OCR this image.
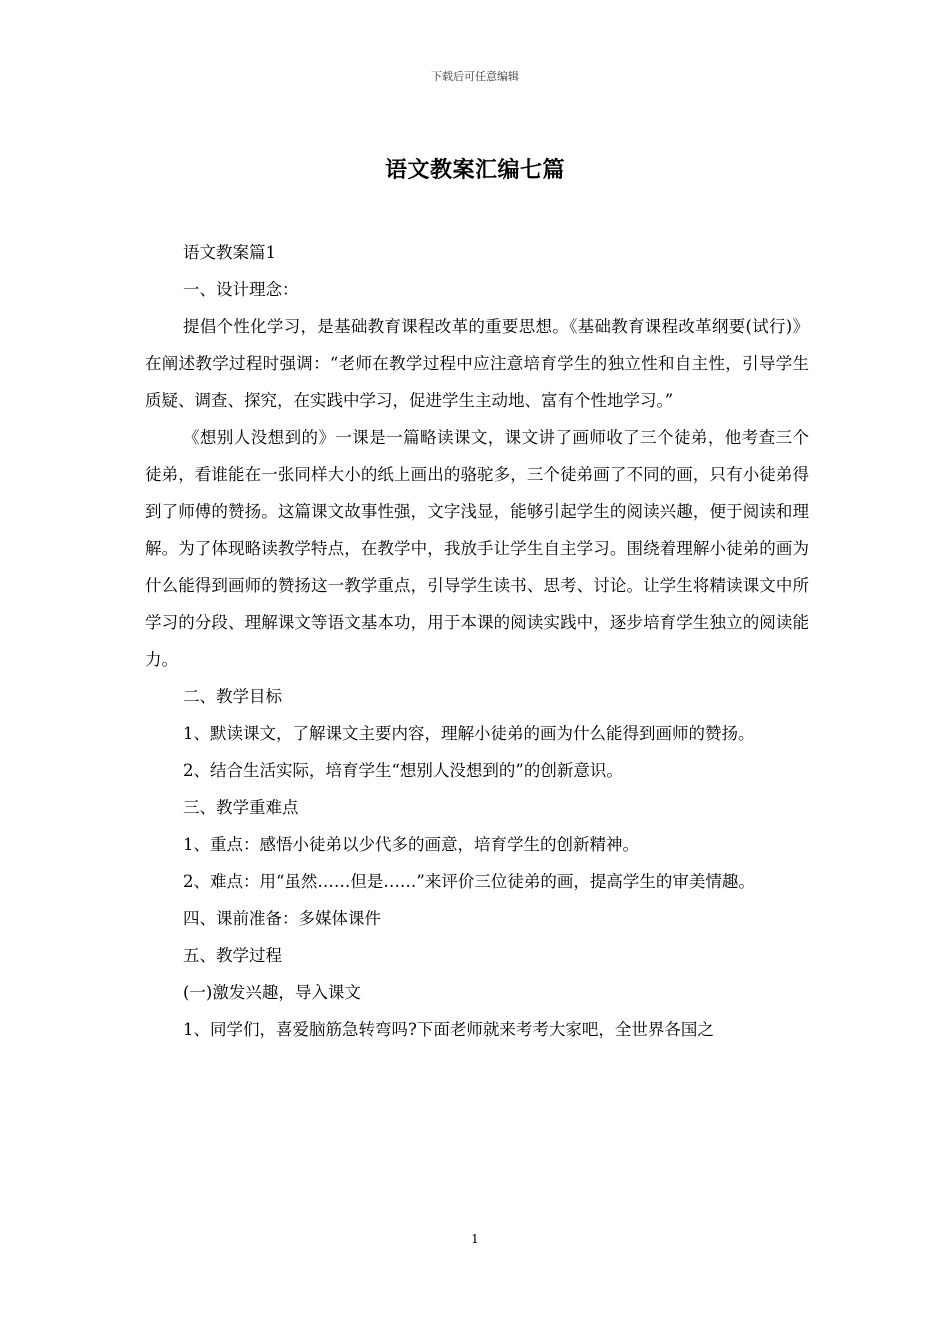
下载后可任意编辑
语文教案汇编七篇

语文教案篇1

一、设计理念：

提倡个性化学习，是基础教育课程改革的重要思想。《基础教育课程改革纲要(试行)》在阐述教学过程时强调：“老师在教学过程中应注意培育学生的独立性和自主性，引导学生质疑、调查、探究，在实践中学习，促进学生主动地、富有个性地学习。”

《想别人没想到的》一课是一篇略读课文，课文讲了画师收了三个徒弟，他考查三个徒弟，看谁能在一张同样大小的纸上画出的骆驼多，三个徒弟画了不同的画，只有小徒弟得到了师傅的赞扬。这篇课文故事性强，文字浅显，能够引起学生的阅读兴趣，便于阅读和理解。为了体现略读教学特点，在教学中，我放手让学生自主学习。围绕着理解小徒弟的画为什么能得到画师的赞扬这一教学重点，引导学生读书、思考、讨论。让学生将精读课文中所学习的分段、理解课文等语文基本功，用于本课的阅读实践中，逐步培育学生独立的阅读能力。

二、教学目标

1、默读课文，了解课文主要内容，理解小徒弟的画为什么能得到画师的赞扬。

2、结合生活实际，培育学生“想别人没想到的”的创新意识。

三、教学重难点

1、重点：感悟小徒弟以少代多的画意，培育学生的创新精神。

2、难点：用“虽然……但是……”来评价三位徒弟的画，提高学生的审美情趣。

四、课前准备：多媒体课件

五、教学过程

(一)激发兴趣，导入课文

1、同学们，喜爱脑筋急转弯吗?下面老师就来考考大家吧，全世界各国之

1
